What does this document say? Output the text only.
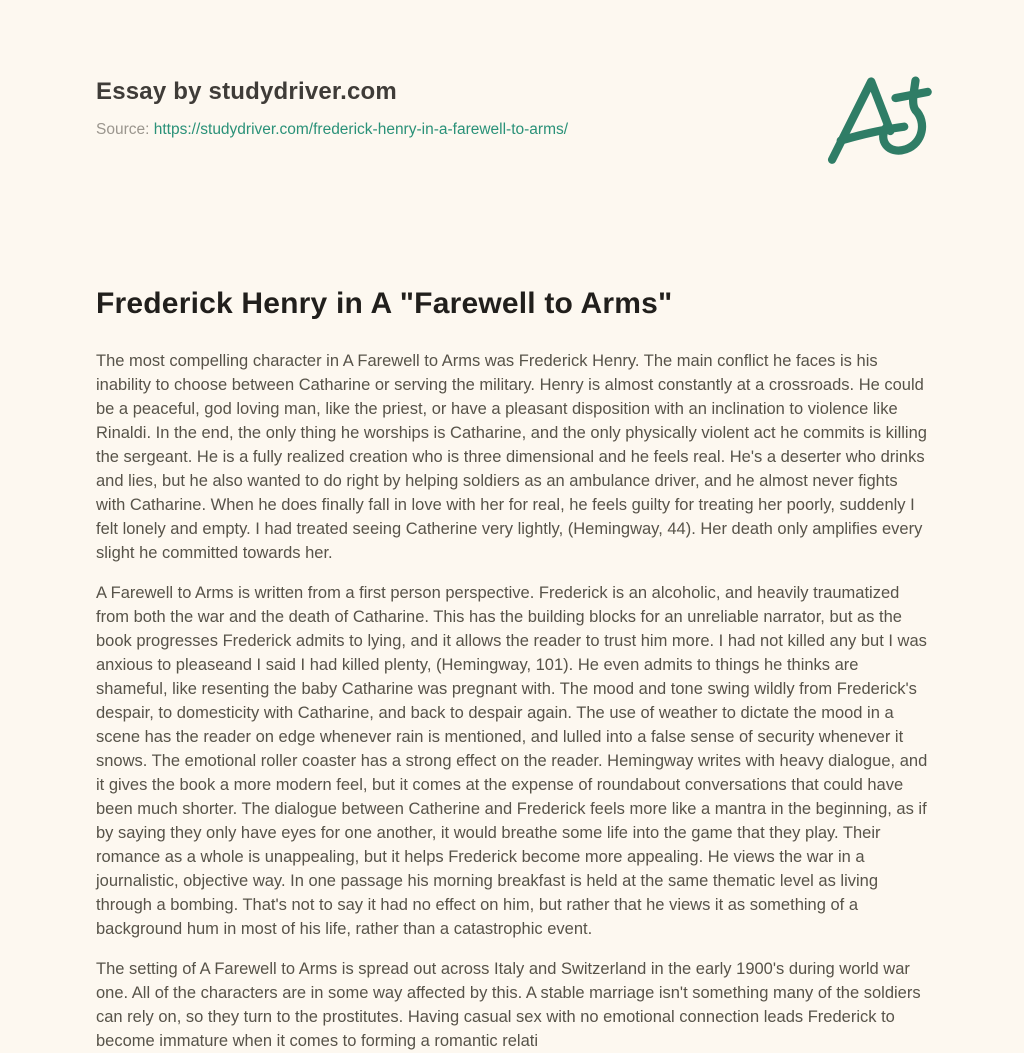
Essay by studydriver.com
Source: https://studydriver.com/frederick-henry-in-a-farewell-to-arms/
Frederick Henry in A "Farewell to Arms"

The most compelling character in A Farewell to Arms was Frederick Henry. The main conflict he faces is his inability to choose between Catharine or serving the military. Henry is almost constantly at a crossroads. He could be a peaceful, god loving man, like the priest, or have a pleasant disposition with an inclination to violence like Rinaldi. In the end, the only thing he worships is Catharine, and the only physically violent act he commits is killing the sergeant. He is a fully realized creation who is three dimensional and he feels real. He's a deserter who drinks and lies, but he also wanted to do right by helping soldiers as an ambulance driver, and he almost never fights with Catharine. When he does finally fall in love with her for real, he feels guilty for treating her poorly, suddenly I felt lonely and empty. I had treated seeing Catherine very lightly, (Hemingway, 44). Her death only amplifies every slight he committed towards her.

A Farewell to Arms is written from a first person perspective. Frederick is an alcoholic, and heavily traumatized from both the war and the death of Catharine. This has the building blocks for an unreliable narrator, but as the book progresses Frederick admits to lying, and it allows the reader to trust him more. I had not killed any but I was anxious to pleaseand I said I had killed plenty, (Hemingway, 101). He even admits to things he thinks are shameful, like resenting the baby Catharine was pregnant with. The mood and tone swing wildly from Frederick's despair, to domesticity with Catharine, and back to despair again. The use of weather to dictate the mood in a scene has the reader on edge whenever rain is mentioned, and lulled into a false sense of security whenever it snows. The emotional roller coaster has a strong effect on the reader. Hemingway writes with heavy dialogue, and it gives the book a more modern feel, but it comes at the expense of roundabout conversations that could have been much shorter. The dialogue between Catherine and Frederick feels more like a mantra in the beginning, as if by saying they only have eyes for one another, it would breathe some life into the game that they play. Their romance as a whole is unappealing, but it helps Frederick become more appealing. He views the war in a journalistic, objective way. In one passage his morning breakfast is held at the same thematic level as living through a bombing. That's not to say it had no effect on him, but rather that he views it as something of a background hum in most of his life, rather than a catastrophic event.

The setting of A Farewell to Arms is spread out across Italy and Switzerland in the early 1900's during world war one. All of the characters are in some way affected by this. A stable marriage isn't something many of the soldiers can rely on, so they turn to the prostitutes. Having casual sex with no emotional connection leads Frederick to become immature when it comes to forming a romantic relati
